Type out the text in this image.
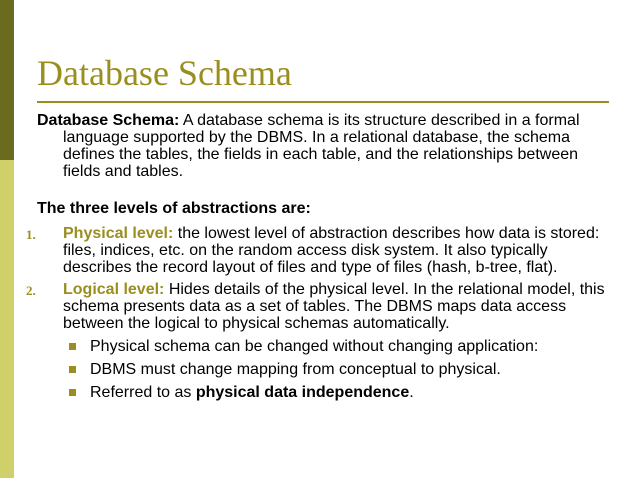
Database Schema

Database Schema: A database schema is its structure described in a formal language supported by the DBMS. In a relational database, the schema defines the tables, the fields in each table, and the relationships between fields and tables.

The three levels of abstractions are:

1. Physical level: the lowest level of abstraction describes how data is stored: files, indices, etc. on the random access disk system. It also typically describes the record layout of files and type of files (hash, b-tree, flat).
2. Logical level: Hides details of the physical level. In the relational model, this schema presents data as a set of tables. The DBMS maps data access between the logical to physical schemas automatically.
Physical schema can be changed without changing application:
DBMS must change mapping from conceptual to physical.
Referred to as physical data independence.
